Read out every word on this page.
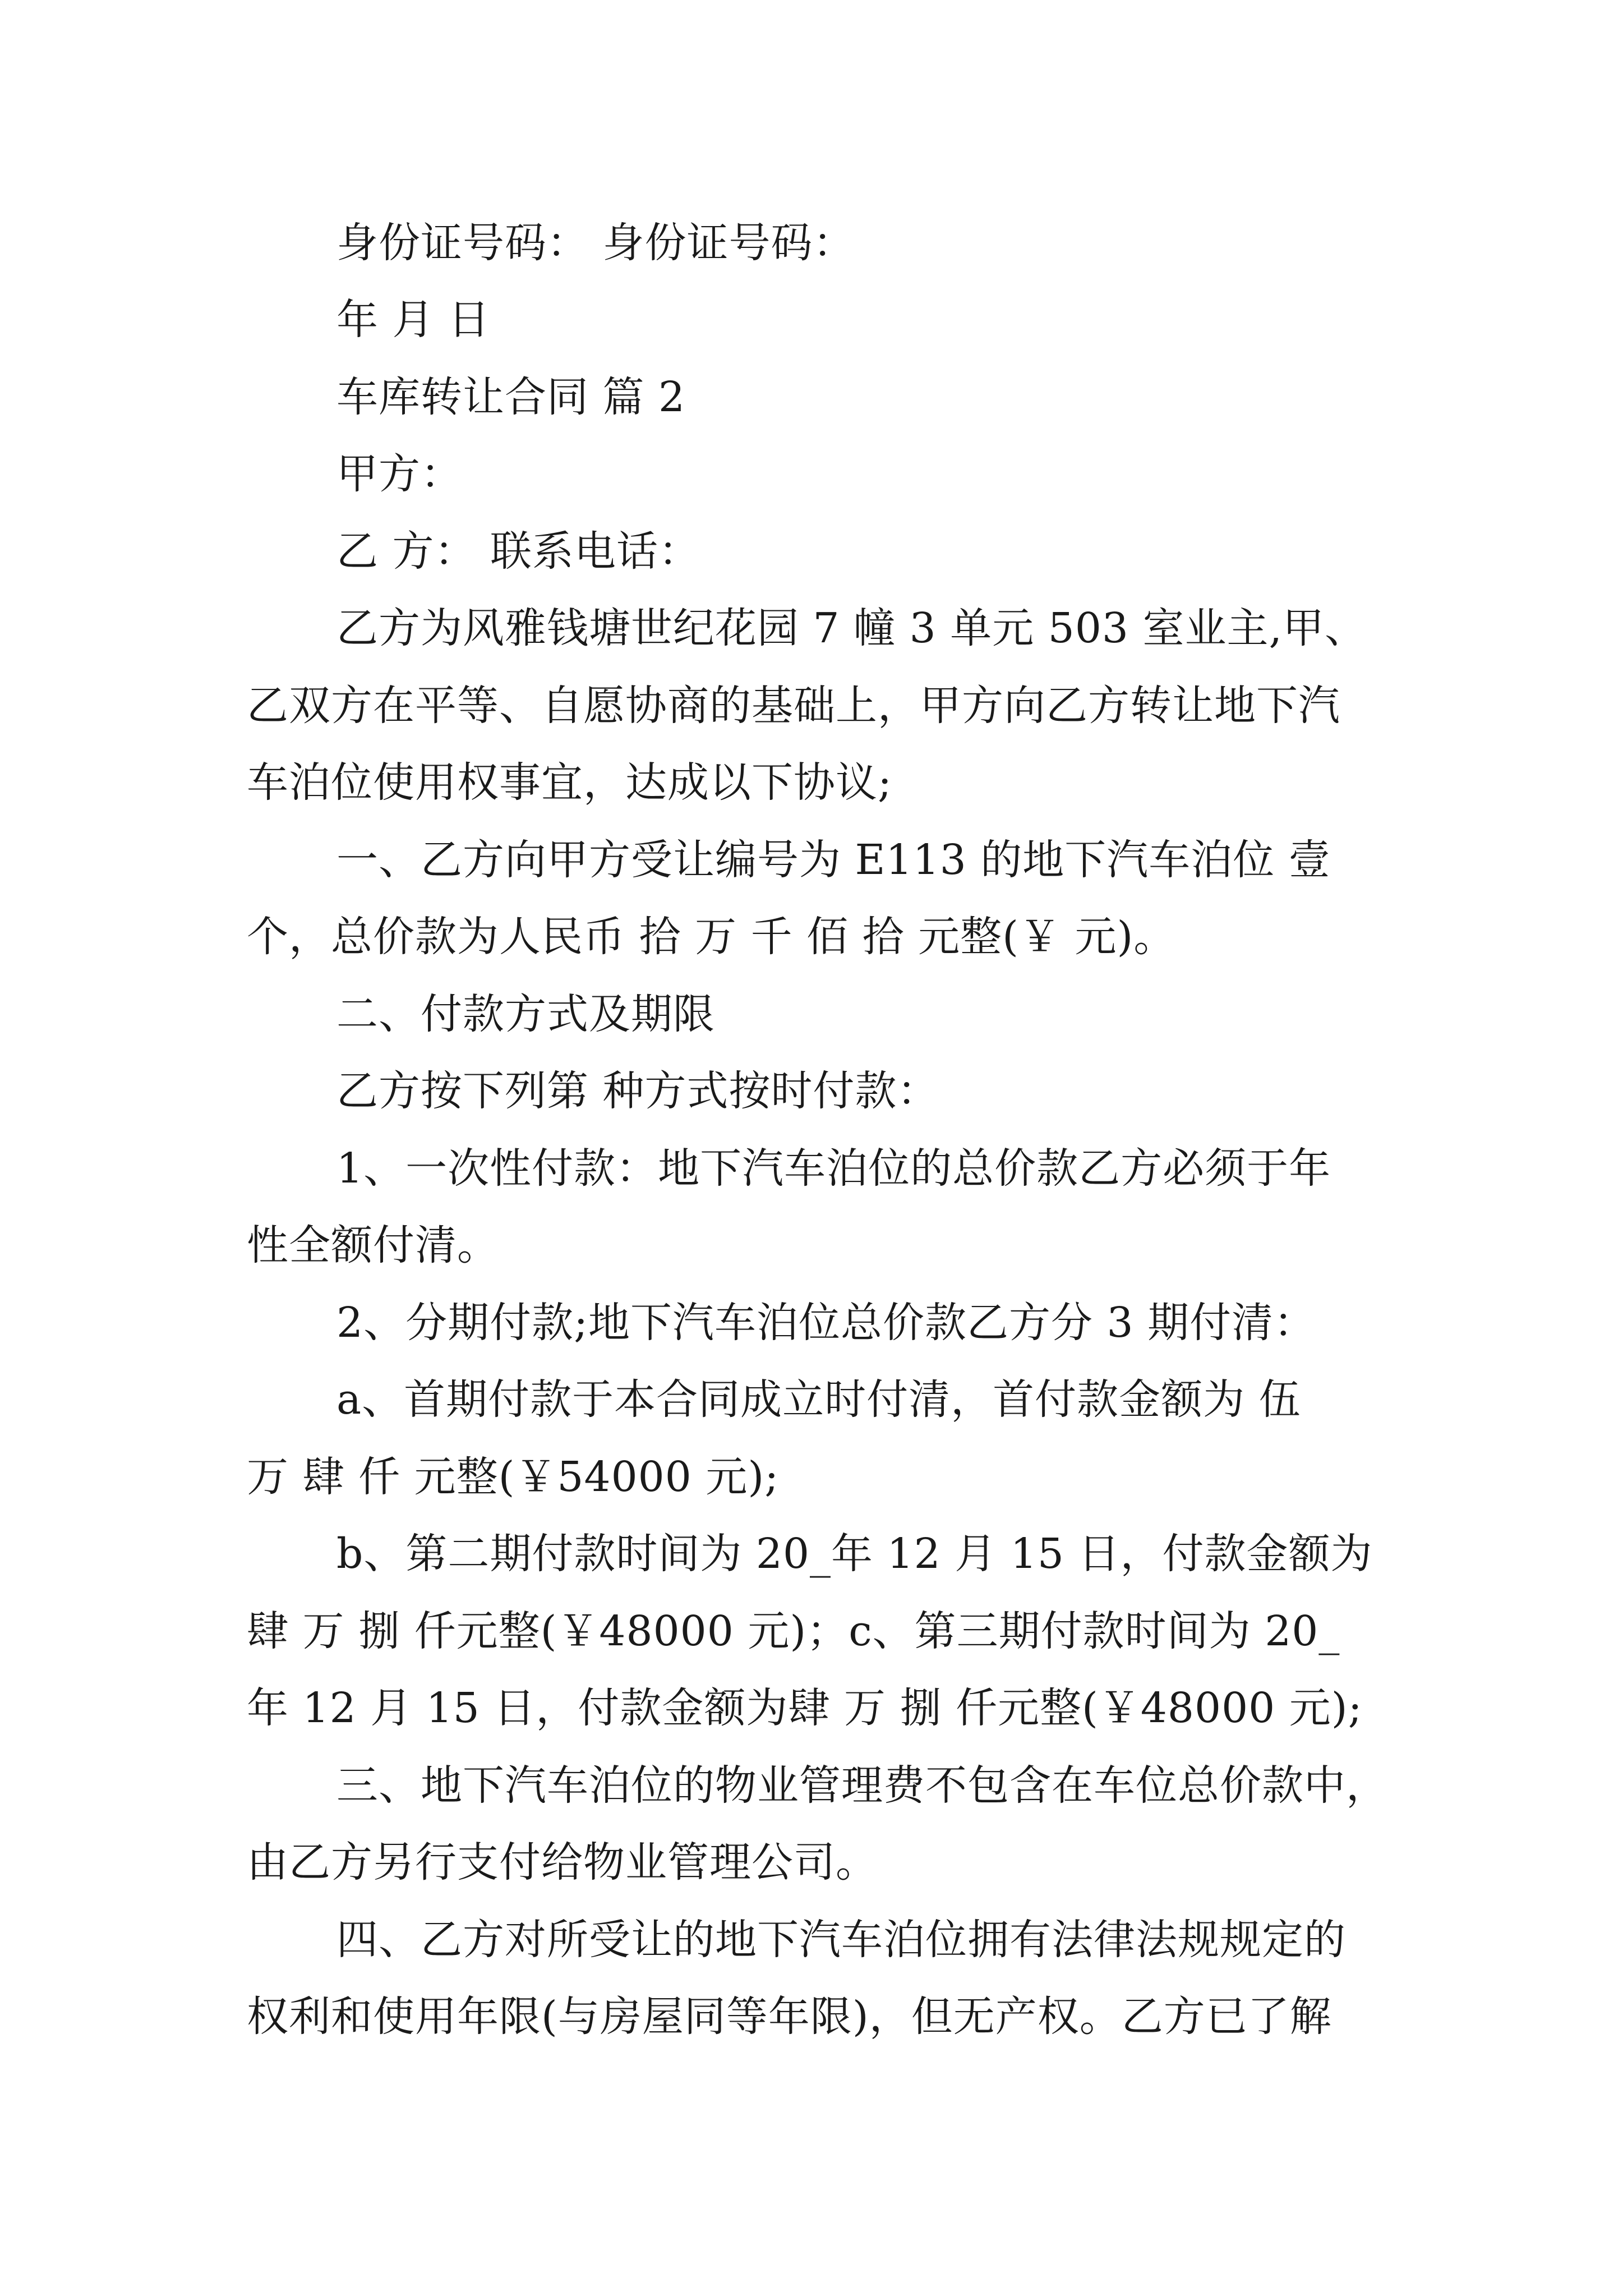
身份证号码： 身份证号码：

年 月 日

车库转让合同 篇 2

甲方：

乙 方： 联系电话：

乙方为风雅钱塘世纪花园 7 幢 3 单元 503 室业主,甲、

乙双方在平等、自愿协商的基础上，甲方向乙方转让地下汽

车泊位使用权事宜，达成以下协议;

一、乙方向甲方受让编号为 E113 的地下汽车泊位 壹

个，总价款为人民币 拾 万 千 佰 拾 元整(￥ 元)。

二、付款方式及期限

乙方按下列第 种方式按时付款：

1、一次性付款：地下汽车泊位的总价款乙方必须于年

性全额付清。

2、分期付款;地下汽车泊位总价款乙方分 3 期付清：

a、首期付款于本合同成立时付清，首付款金额为 伍

万 肆 仟 元整(￥54000 元);

b、第二期付款时间为 20_年 12 月 15 日，付款金额为

肆 万 捌 仟元整(￥48000 元)；c、第三期付款时间为 20_

年 12 月 15 日，付款金额为肆 万 捌 仟元整(￥48000 元);

三、地下汽车泊位的物业管理费不包含在车位总价款中，

由乙方另行支付给物业管理公司。

四、乙方对所受让的地下汽车泊位拥有法律法规规定的

权利和使用年限(与房屋同等年限)，但无产权。乙方已了解
